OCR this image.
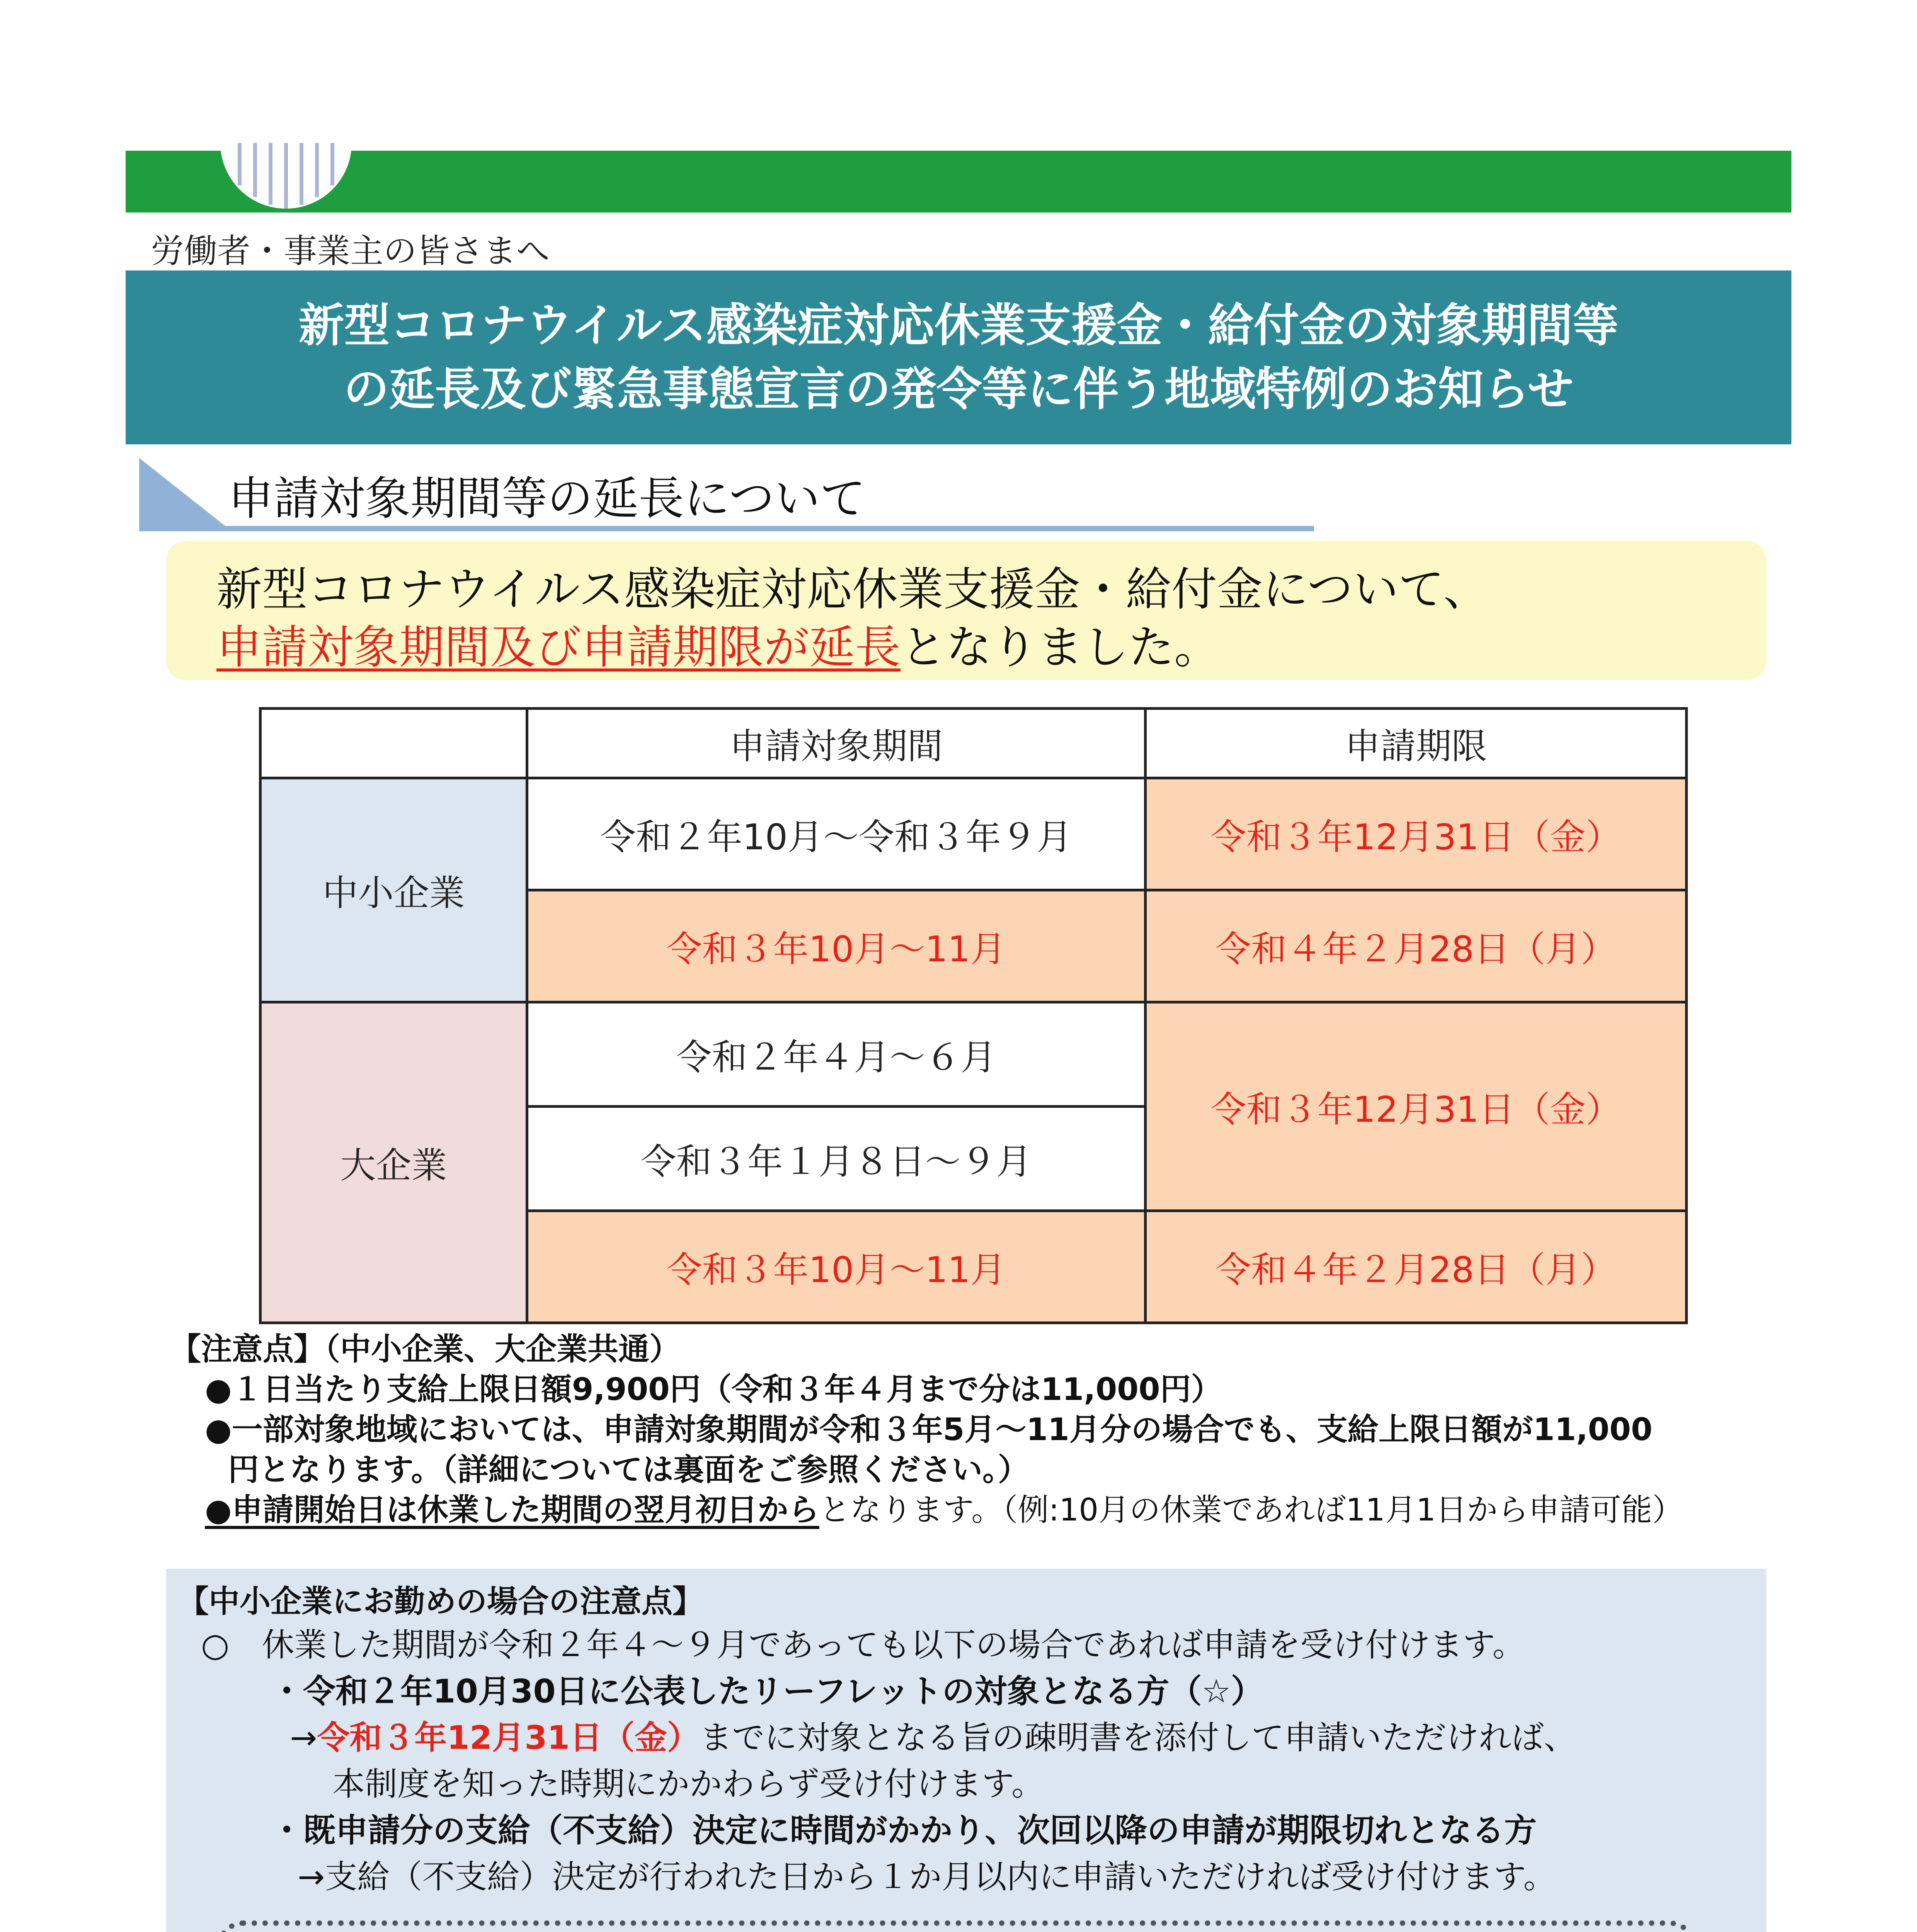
労働者・事業主の皆さまへ
新型コロナウイルス感染症対応休業支援金・給付金の対象期間等
の延長及び緊急事態宣言の発令等に伴う地域特例のお知らせ
申請対象期間等の延長について
新型コロナウイルス感染症対応休業支援金・給付金について、
申請対象期間及び申請期限が延長となりました。
	申請対象期間	申請期限
中小企業	令和２年10月～令和３年９月	令和３年12月31日（金）
	令和３年10月～11月	令和４年２月28日（月）
大企業	令和２年４月～６月	令和３年12月31日（金）
	令和３年１月８日～９月	
	令和３年10月～11月	令和４年２月28日（月）
【注意点】（中小企業、大企業共通）
●１日当たり支給上限日額9,900円（令和３年４月まで分は11,000円）
●一部対象地域においては、申請対象期間が令和３年5月～11月分の場合でも、支給上限日額が11,000
円となります。（詳細については裏面をご参照ください。）
●申請開始日は休業した期間の翌月初日からとなります。（例:10月の休業であれば11月1日から申請可能）
【中小企業にお勤めの場合の注意点】
○　休業した期間が令和２年４～９月であっても以下の場合であれば申請を受け付けます。
・令和２年10月30日に公表したリーフレットの対象となる方（☆）
→令和３年12月31日（金）までに対象となる旨の疎明書を添付して申請いただければ、
本制度を知った時期にかかわらず受け付けます。
・既申請分の支給（不支給）決定に時間がかかり、次回以降の申請が期限切れとなる方
→支給（不支給）決定が行われた日から１か月以内に申請いただければ受け付けます。
